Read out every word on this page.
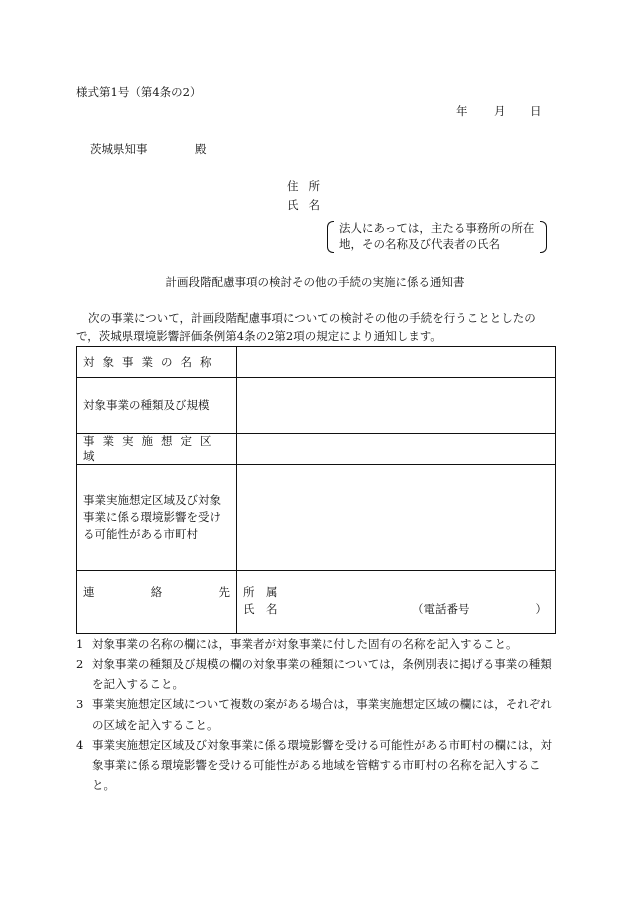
様式第1号（第4条の2）
年 月 日
茨城県知事	殿
住所
氏名
法人にあっては，主たる事務所の所在
地，その名称及び代表者の氏名
計画段階配慮事項の検討その他の手続の実施に係る通知書
次の事業について，計画段階配慮事項についての検討その他の手続を行うこととしたの
で，茨城県環境影響評価条例第4条の2第2項の規定により通知します。
対象事業の名称	
対象事業の種類及び規模	
事業実施想定区域	
事業実施想定区域及び対象事業に係る環境影響を受ける可能性がある市町村	

連 絡 先	所　属
氏　名 （電話番号 ）
1 対象事業の名称の欄には，事業者が対象事業に付した固有の名称を記入すること。
2 対象事業の種類及び規模の欄の対象事業の種類については，条例別表に掲げる事業の種類を記入すること。
3 事業実施想定区域について複数の案がある場合は，事業実施想定区域の欄には，それぞれの区域を記入すること。
4 事業実施想定区域及び対象事業に係る環境影響を受ける可能性がある市町村の欄には，対象事業に係る環境影響を受ける可能性がある地域を管轄する市町村の名称を記入すること。
